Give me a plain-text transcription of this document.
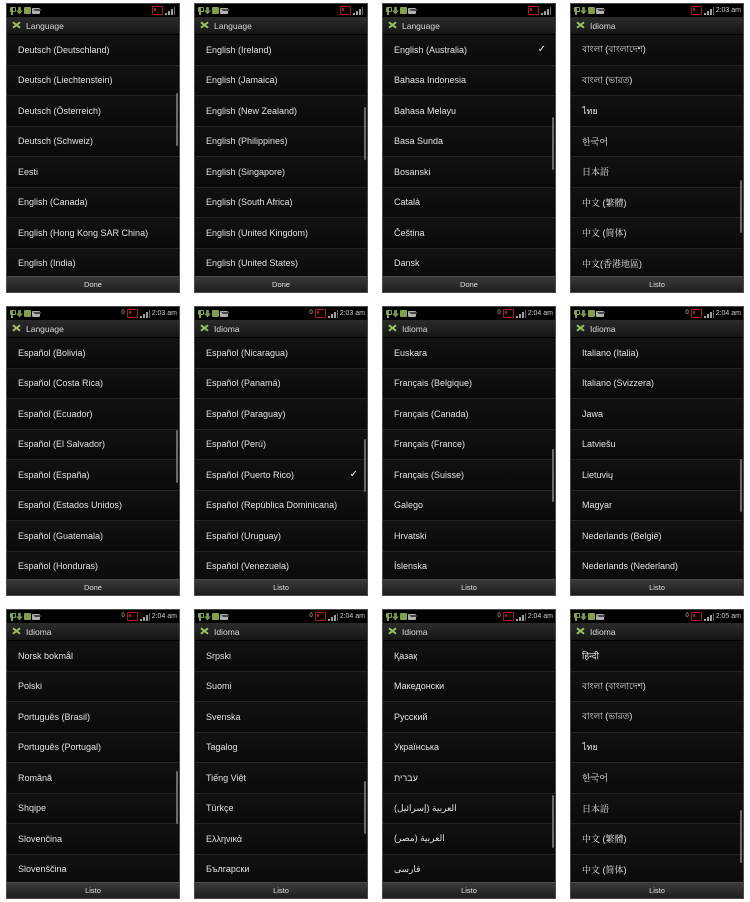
Language
Deutsch (Deutschland)
Deutsch (Liechtenstein)
Deutsch (Österreich)
Deutsch (Schweiz)
Eesti
English (Canada)
English (Hong Kong SAR China)
English (India)
Done
Language
English (Ireland)
English (Jamaica)
English (New Zealand)
English (Philippines)
English (Singapore)
English (South Africa)
English (United Kingdom)
English (United States)
Done
Language
English (Australia)	✓
Bahasa Indonesia
Bahasa Melayu
Basa Sunda
Bosanski
Català
Čeština
Dansk
Done
2:03 am
Idioma
বাংলা (বাংলাদেশ)
বাংলা (ভারত)
ไทย
한국어
日本語
中文 (繁體)
中文 (简体)
中文(香港地區)
Listo
0	2:03 am
Language
Español (Bolivia)
Español (Costa Rica)
Español (Ecuador)
Español (El Salvador)
Español (España)
Español (Estados Unidos)
Español (Guatemala)
Español (Honduras)
Done
0	2:03 am
Idioma
Español (Nicaragua)
Español (Panamá)
Español (Paraguay)
Español (Perú)
Español (Puerto Rico)	✓
Español (República Dominicana)
Español (Uruguay)
Español (Venezuela)
Listo
0	2:04 am
Idioma
Euskara
Français (Belgique)
Français (Canada)
Français (France)
Français (Suisse)
Galego
Hrvatski
Íslenska
Listo
0	2:04 am
Idioma
Italiano (Italia)
Italiano (Svizzera)
Jawa
Latviešu
Lietuvių
Magyar
Nederlands (België)
Nederlands (Nederland)
Listo
0	2:04 am
Idioma
Norsk bokmål
Polski
Português (Brasil)
Português (Portugal)
Română
Shqipe
Slovenčina
Slovenščina
Listo
0	2:04 am
Idioma
Srpski
Suomi
Svenska
Tagalog
Tiếng Việt
Türkçe
Ελληνικά
Български
Listo
0	2:04 am
Idioma
Қазақ
Македонски
Русский
Українська
עברית
العربية (إسرائيل)
العربية (مصر)
فارسی
Listo
0	2:05 am
Idioma
हिन्दी
বাংলা (বাংলাদেশ)
বাংলা (ভারত)
ไทย
한국어
日本語
中文 (繁體)
中文 (简体)
Listo
